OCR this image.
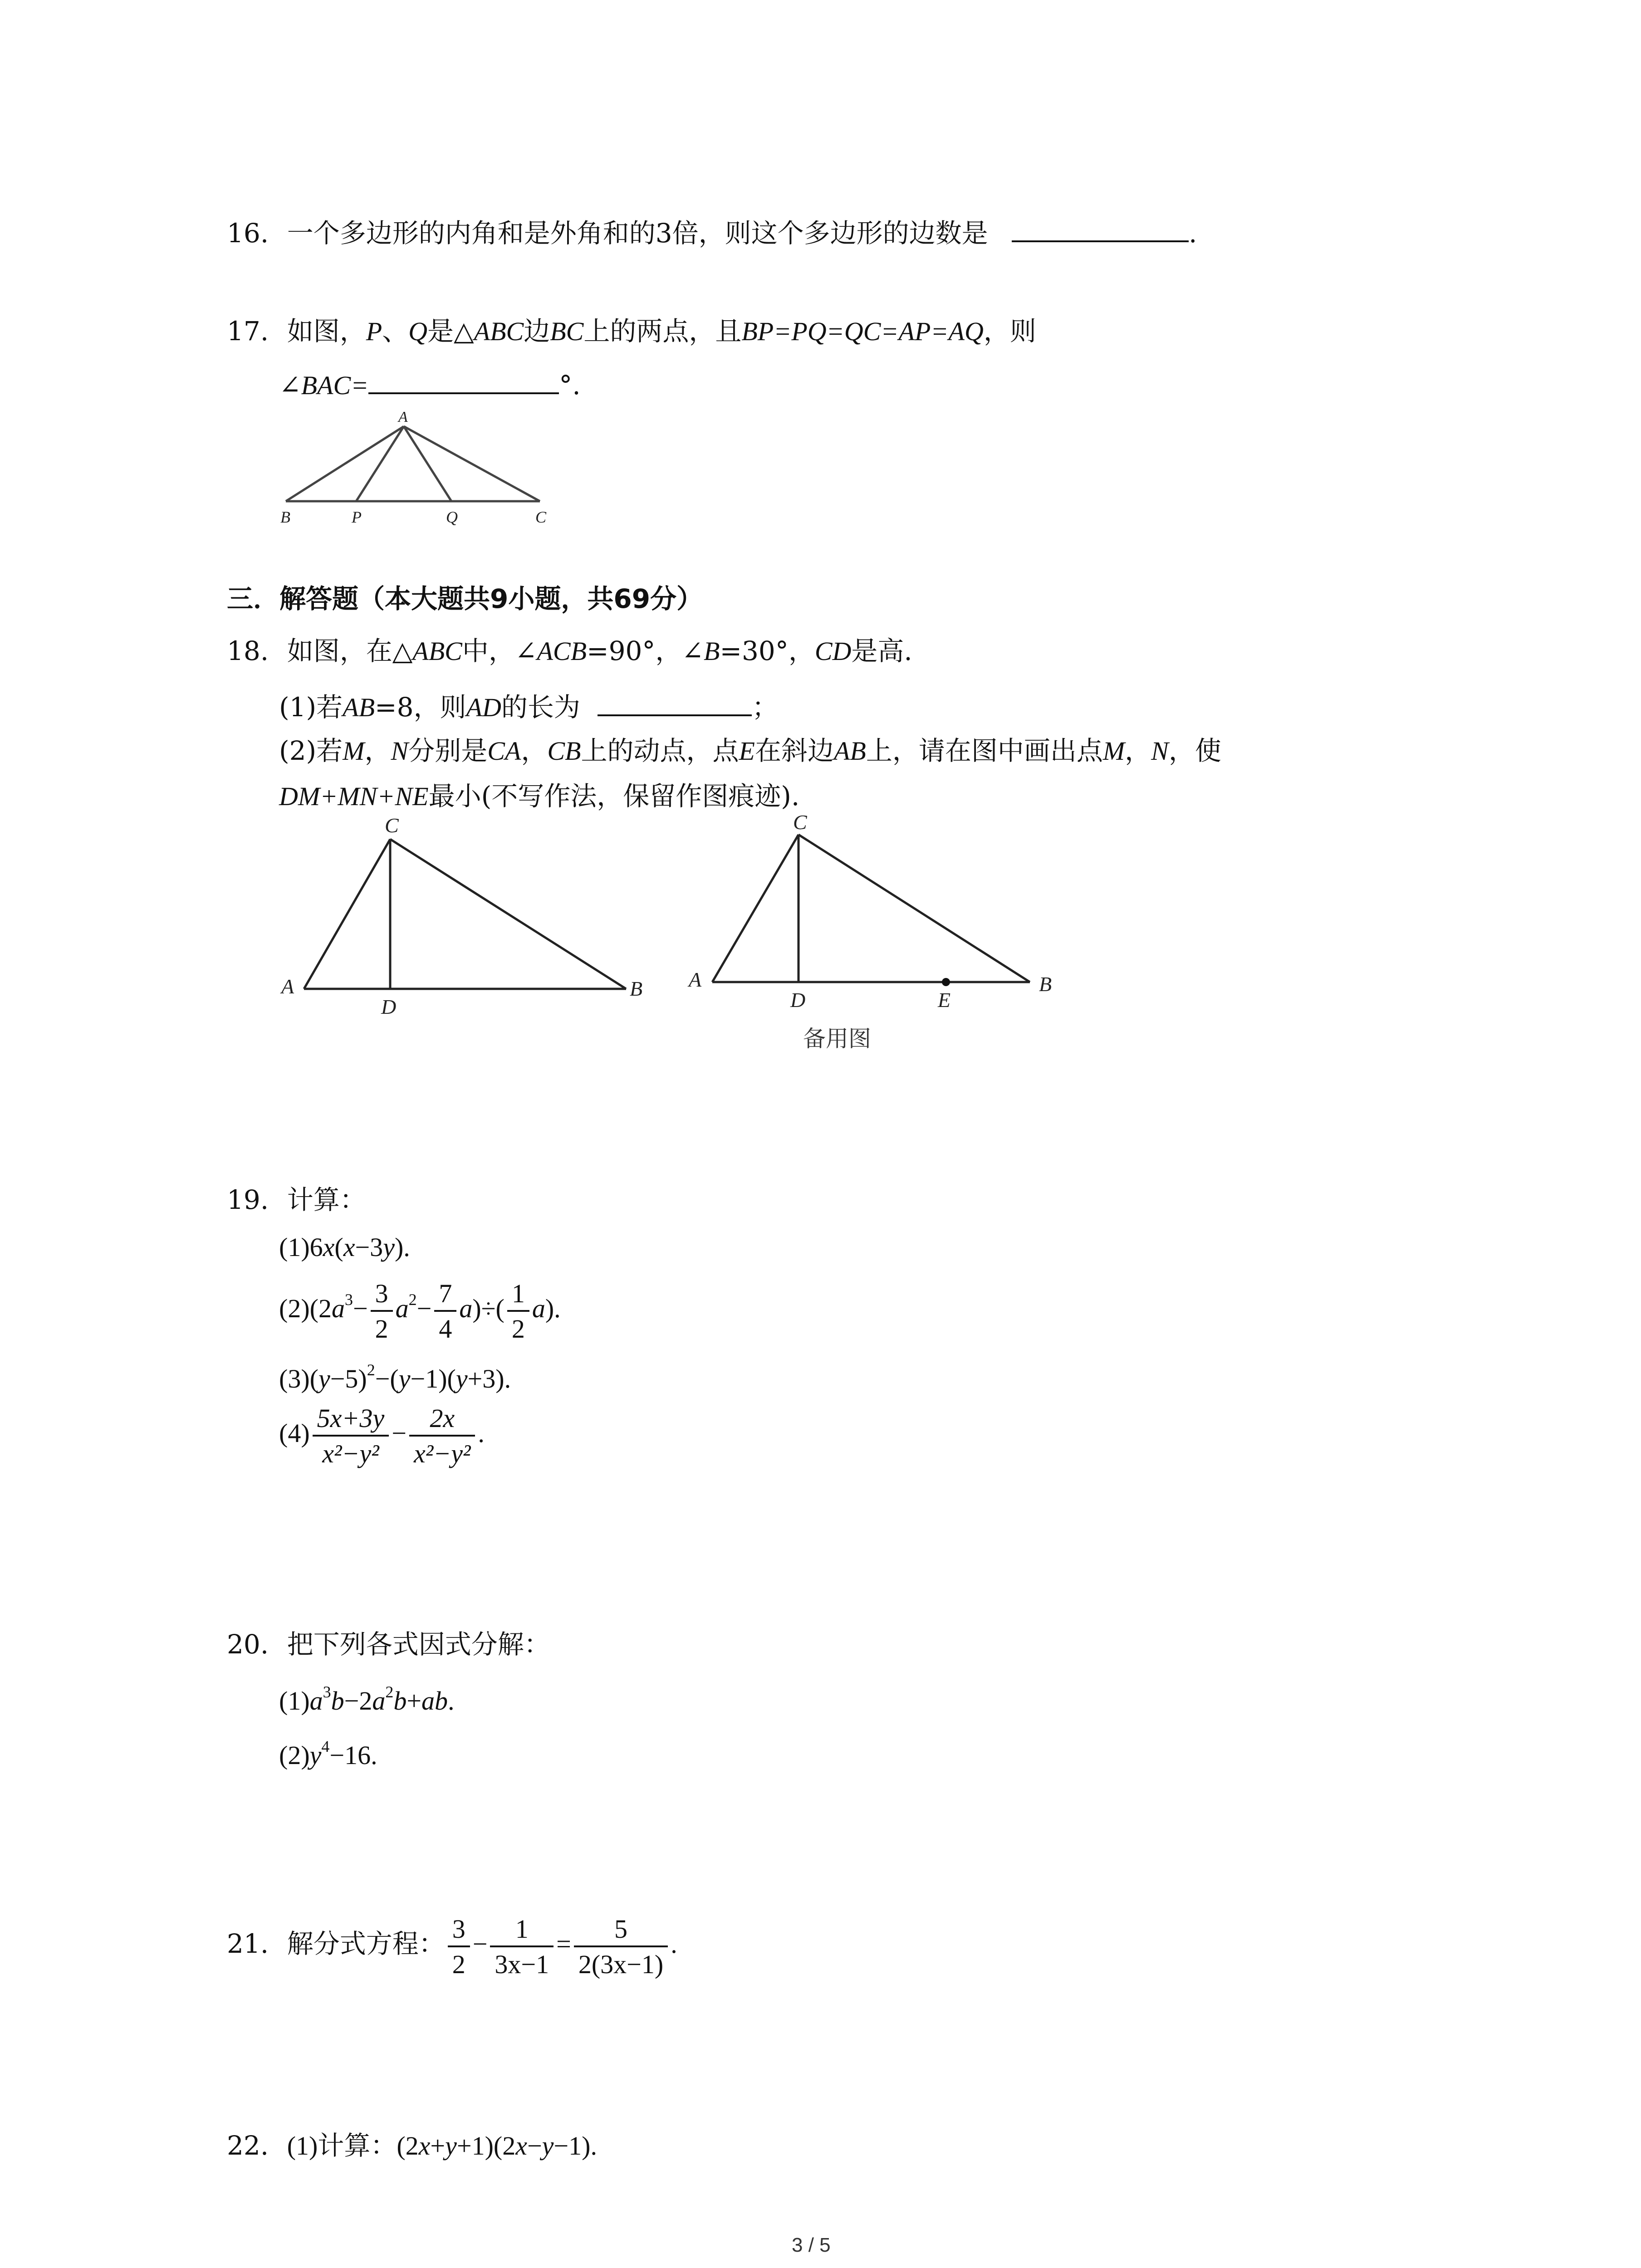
16. 一个多边形的内角和是外角和的3倍，则这个多边形的边数是	.
17. 如图，P、Q是△ABC边BC上的两点，且BP=PQ=QC=AP=AQ，则
∠BAC=	°.
A
B	P	Q	C
三．解答题（本大题共9小题，共69分）
18. 如图，在△ABC中，∠ACB=90°，∠B=30°，CD是高.
(1)若AB=8，则AD的长为	；
(2)若M，N分别是CA，CB上的动点，点E在斜边AB上，请在图中画出点M，N，使
DM+MN+NE最小(不写作法，保留作图痕迹).
C
A
D
B
C
A
D	E
B
备用图
19. 计算：
(1)6x(x−3y).
$(2)(2a^3- \frac{3}{2} a^2- \frac{7}{4} a)\div( \frac{1}{2} a)$.
$(3)(y-5)^2-(y-1)(y+3)$.
$(4) \frac{5x+3y}{\text{x²−y²}} - \frac{2x}{\text{x²−y²}}$ .
20. 把下列各式因式分解：
$(1)a^3b-2a^2b+ab$.
$(2)y^4-16$.
21. 解分式方程： $\frac{3}{2} - \frac{1}{3x-1} = \frac{5}{2(3x-1)}$ .
22. (1)计算：(2x+y+1)(2x−y−1).
3 / 5
